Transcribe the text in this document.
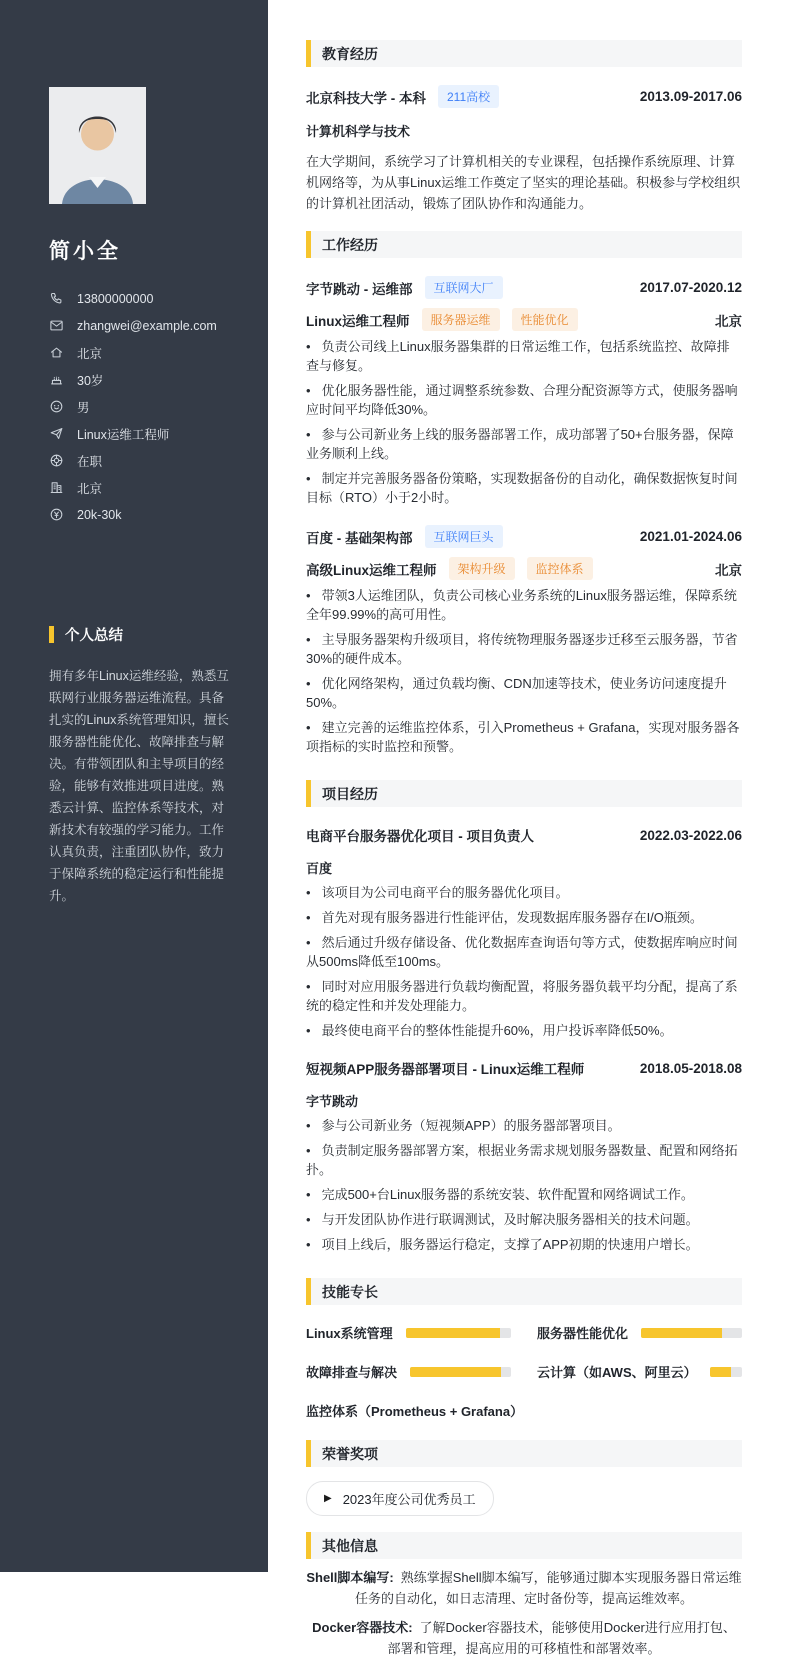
简小全
13800000000
zhangwei@example.com
北京
30岁
男
Linux运维工程师
在职
北京
20k-30k
个人总结

拥有多年Linux运维经验，熟悉互联网行业服务器运维流程。具备扎实的Linux系统管理知识，擅长服务器性能优化、故障排查与解决。有带领团队和主导项目的经验，能够有效推进项目进度。熟悉云计算、监控体系等技术，对新技术有较强的学习能力。工作认真负责，注重团队协作，致力于保障系统的稳定运行和性能提升。

教育经历
北京科技大学 - 本科	211高校	2013.09-2017.06
计算机科学与技术
在大学期间，系统学习了计算机相关的专业课程，包括操作系统原理、计算机网络等，为从事Linux运维工作奠定了坚实的理论基础。积极参与学校组织的计算机社团活动，锻炼了团队协作和沟通能力。
工作经历
字节跳动 - 运维部	互联网大厂	2017.07-2020.12
Linux运维工程师	服务器运维	性能优化	北京
• 负责公司线上Linux服务器集群的日常运维工作，包括系统监控、故障排查与修复。
• 优化服务器性能，通过调整系统参数、合理分配资源等方式，使服务器响应时间平均降低30%。
• 参与公司新业务上线的服务器部署工作，成功部署了50+台服务器，保障业务顺利上线。
• 制定并完善服务器备份策略，实现数据备份的自动化，确保数据恢复时间目标（RTO）小于2小时。
百度 - 基础架构部	互联网巨头	2021.01-2024.06
高级Linux运维工程师	架构升级	监控体系	北京
• 带领3人运维团队，负责公司核心业务系统的Linux服务器运维，保障系统全年99.99%的高可用性。
• 主导服务器架构升级项目，将传统物理服务器逐步迁移至云服务器，节省30%的硬件成本。
• 优化网络架构，通过负载均衡、CDN加速等技术，使业务访问速度提升50%。
• 建立完善的运维监控体系，引入Prometheus + Grafana，实现对服务器各项指标的实时监控和预警。
项目经历
电商平台服务器优化项目 - 项目负责人	2022.03-2022.06
百度
• 该项目为公司电商平台的服务器优化项目。
• 首先对现有服务器进行性能评估，发现数据库服务器存在I/O瓶颈。
• 然后通过升级存储设备、优化数据库查询语句等方式，使数据库响应时间从500ms降低至100ms。
• 同时对应用服务器进行负载均衡配置，将服务器负载平均分配，提高了系统的稳定性和并发处理能力。
• 最终使电商平台的整体性能提升60%，用户投诉率降低50%。
短视频APP服务器部署项目 - Linux运维工程师	2018.05-2018.08
字节跳动
• 参与公司新业务（短视频APP）的服务器部署项目。
• 负责制定服务器部署方案，根据业务需求规划服务器数量、配置和网络拓扑。
• 完成500+台Linux服务器的系统安装、软件配置和网络调试工作。
• 与开发团队协作进行联调测试，及时解决服务器相关的技术问题。
• 项目上线后，服务器运行稳定，支撑了APP初期的快速用户增长。
技能专长
Linux系统管理	服务器性能优化
故障排查与解决	云计算（如AWS、阿里云）
监控体系（Prometheus + Grafana）
荣誉奖项
▶ 2023年度公司优秀员工
其他信息
Shell脚本编写: 熟练掌握Shell脚本编写，能够通过脚本实现服务器日常运维任务的自动化，如日志清理、定时备份等，提高运维效率。
Docker容器技术: 了解Docker容器技术，能够使用Docker进行应用打包、部署和管理，提高应用的可移植性和部署效率。
